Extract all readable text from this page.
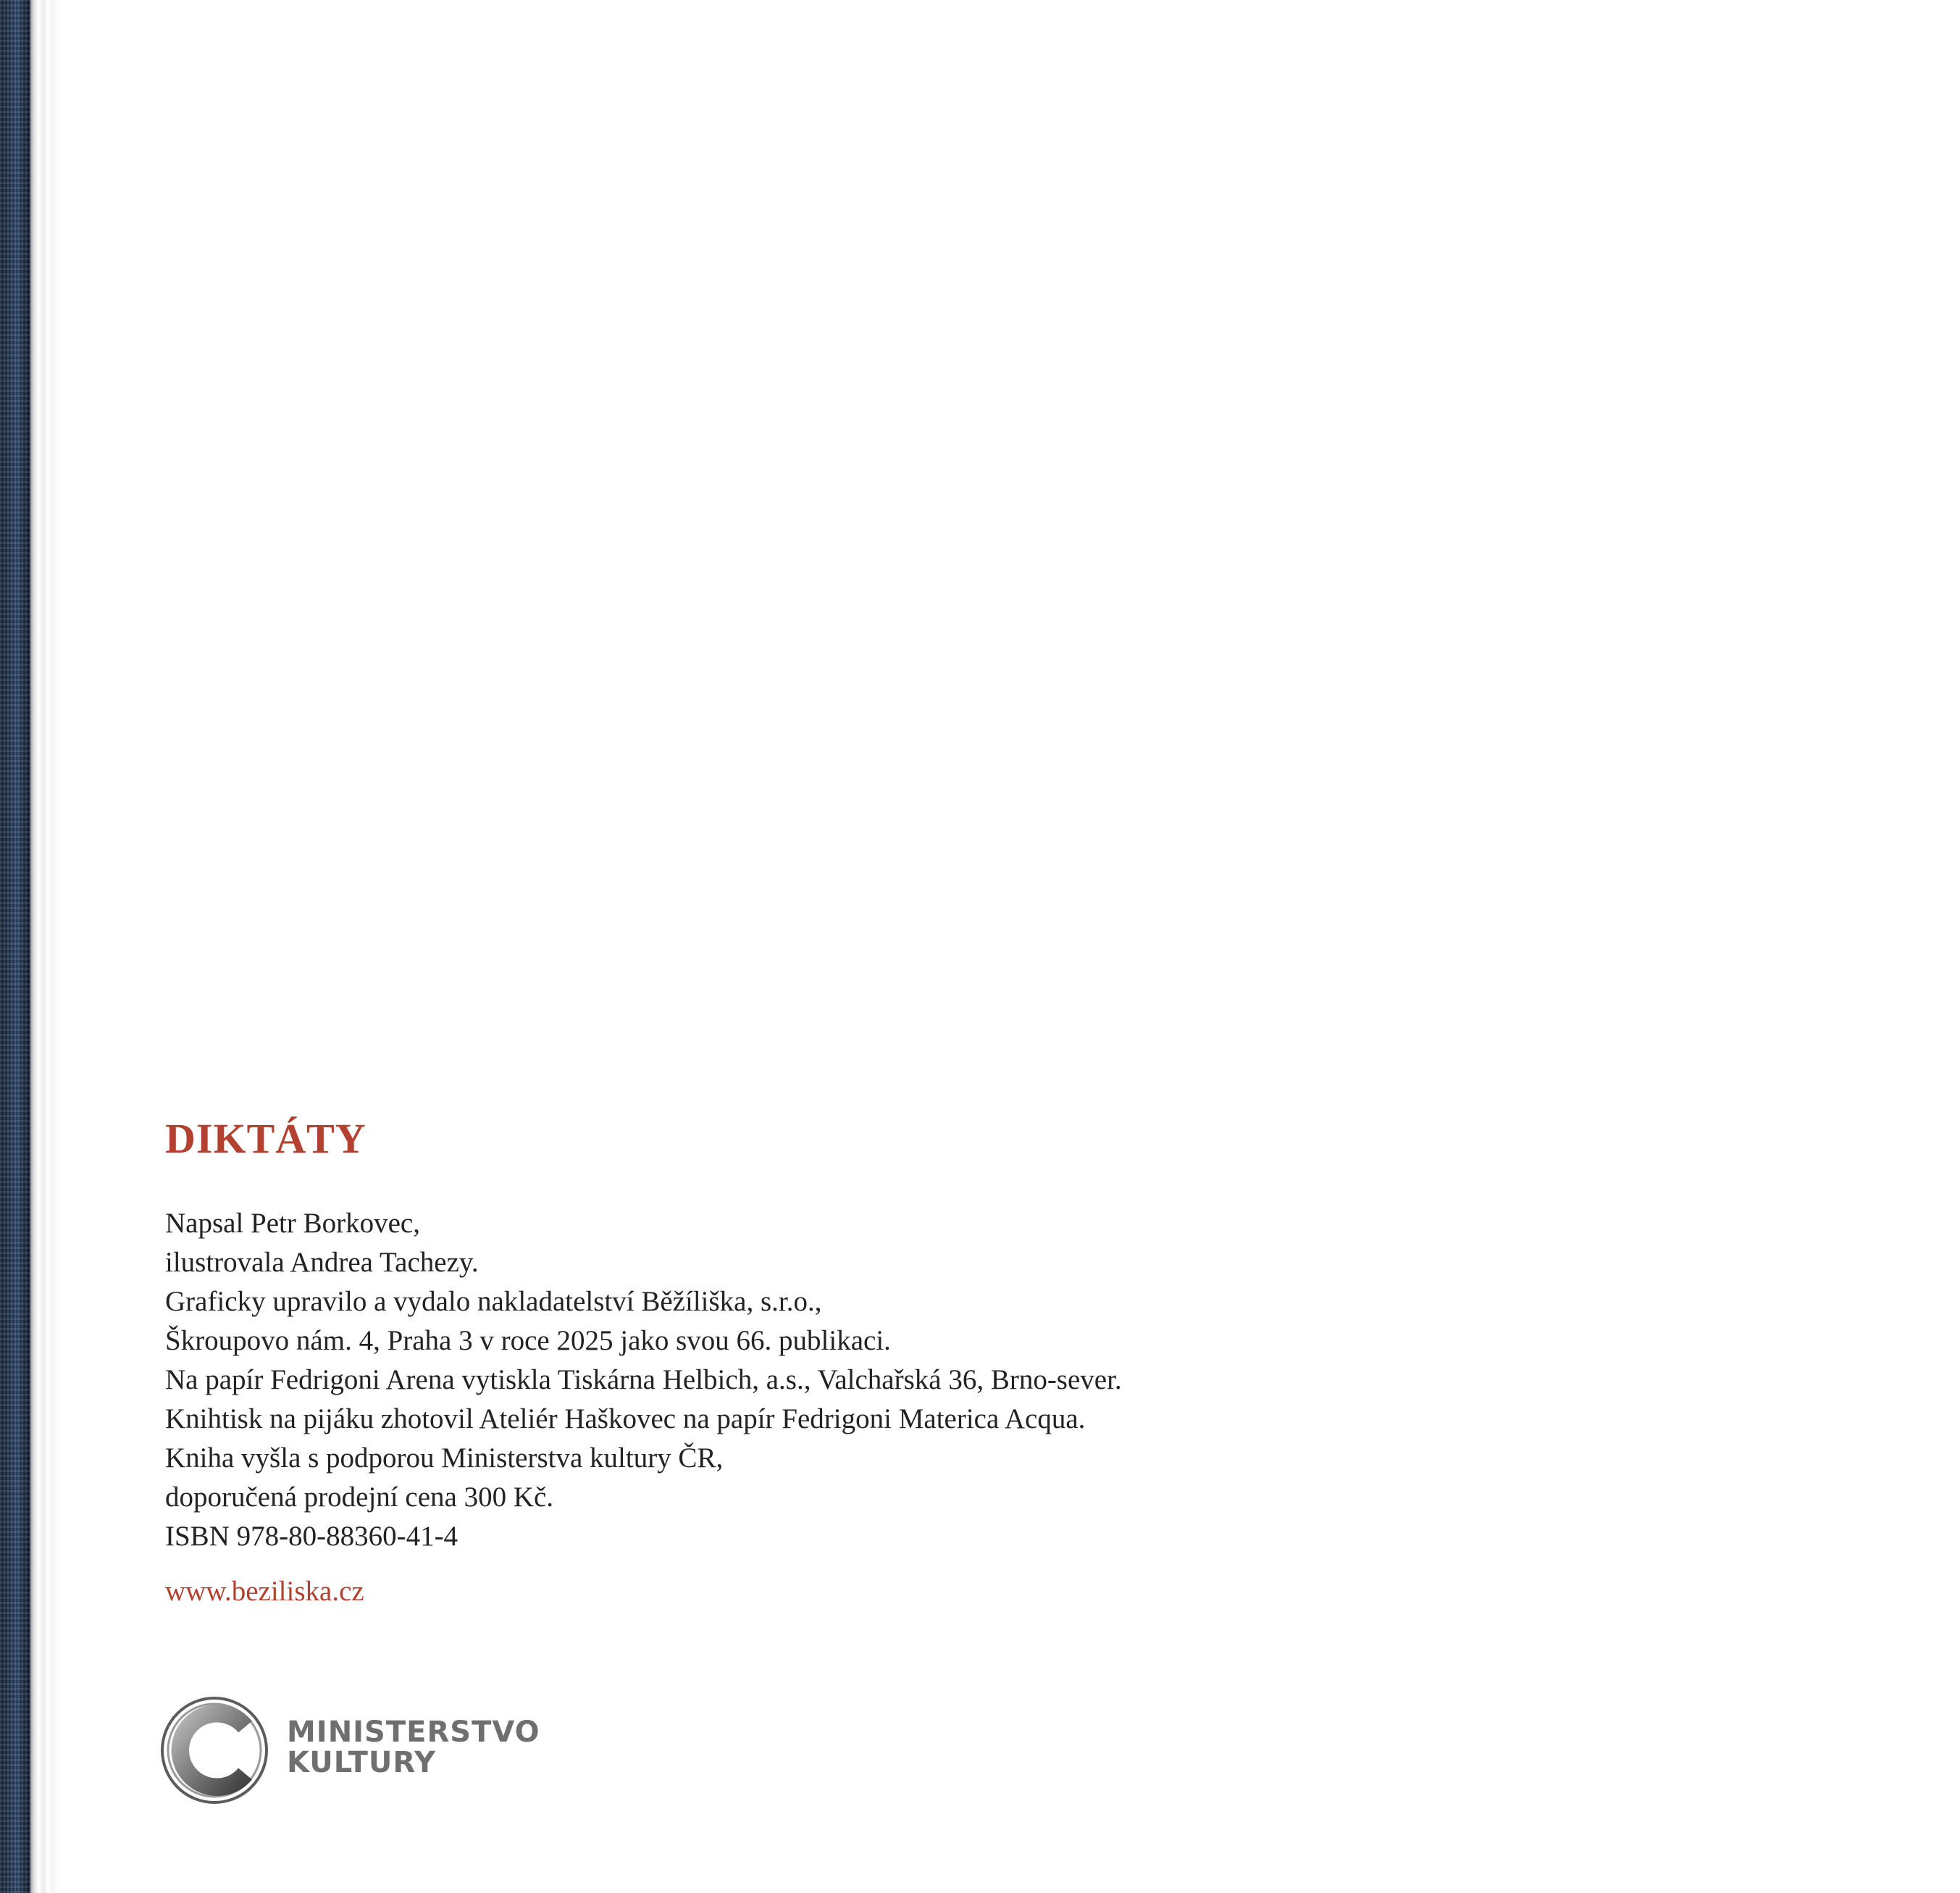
DIKTÁTY
Napsal Petr Borkovec,
ilustrovala Andrea Tachezy.
Graficky upravilo a vydalo nakladatelství Běžíliška, s.r.o.,
Škroupovo nám. 4, Praha 3 v roce 2025 jako svou 66. publikaci.
Na papír Fedrigoni Arena vytiskla Tiskárna Helbich, a.s., Valchařská 36, Brno-sever.
Knihtisk na pijáku zhotovil Ateliér Haškovec na papír Fedrigoni Materica Acqua.
Kniha vyšla s podporou Ministerstva kultury ČR,
doporučená prodejní cena 300 Kč.
ISBN 978-80-88360-41-4
www.beziliska.cz
MINISTERSTVO
KULTURY
